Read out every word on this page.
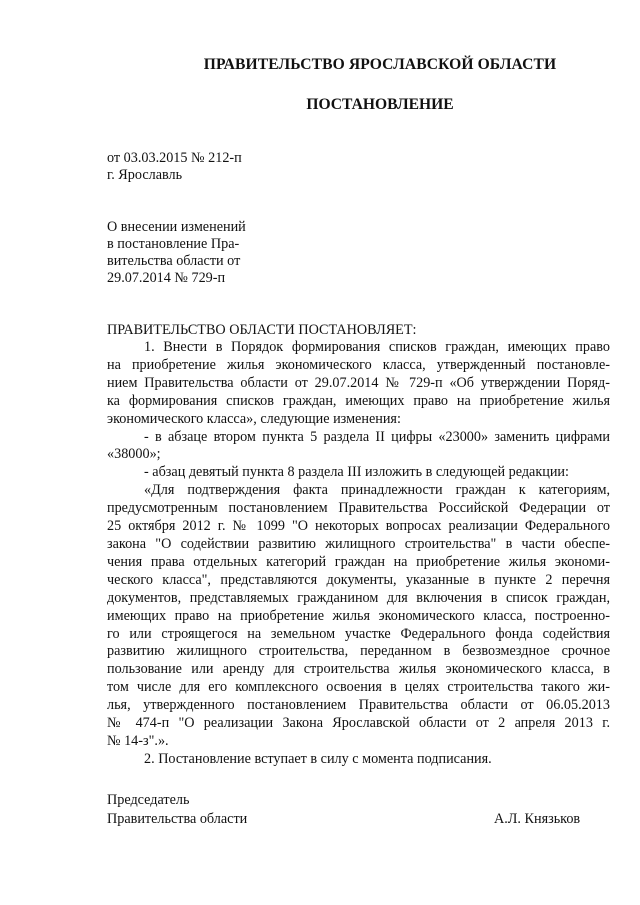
ПРАВИТЕЛЬСТВО ЯРОСЛАВСКОЙ ОБЛАСТИ
ПОСТАНОВЛЕНИЕ
от 03.03.2015 № 212-п
г. Ярославль
О внесении изменений
в постановление Пра-
вительства области от
29.07.2014 № 729-п
ПРАВИТЕЛЬСТВО ОБЛАСТИ ПОСТАНОВЛЯЕТ:
1. Внести в Порядок формирования списков граждан, имеющих право
на приобретение жилья экономического класса, утвержденный постановле-
нием Правительства области от 29.07.2014 № 729-п «Об утверждении Поряд-
ка формирования списков граждан, имеющих право на приобретение жилья
экономического класса», следующие изменения:
- в абзаце втором пункта 5 раздела II цифры «23000» заменить цифрами
«38000»;
- абзац девятый пункта 8 раздела III изложить в следующей редакции:
«Для подтверждения факта принадлежности граждан к категориям,
предусмотренным постановлением Правительства Российской Федерации от
25 октября 2012 г. № 1099 "О некоторых вопросах реализации Федерального
закона "О содействии развитию жилищного строительства" в части обеспе-
чения права отдельных категорий граждан на приобретение жилья экономи-
ческого класса", представляются документы, указанные в пункте 2 перечня
документов, представляемых гражданином для включения в список граждан,
имеющих право на приобретение жилья экономического класса, построенно-
го или строящегося на земельном участке Федерального фонда содействия
развитию жилищного строительства, переданном в безвозмездное срочное
пользование или аренду для строительства жилья экономического класса, в
том числе для его комплексного освоения в целях строительства такого жи-
лья, утвержденного постановлением Правительства области от 06.05.2013
№ 474-п "О реализации Закона Ярославской области от 2 апреля 2013 г.
№ 14-з".».
2. Постановление вступает в силу с момента подписания.
Председатель
Правительства области	А.Л. Князьков
